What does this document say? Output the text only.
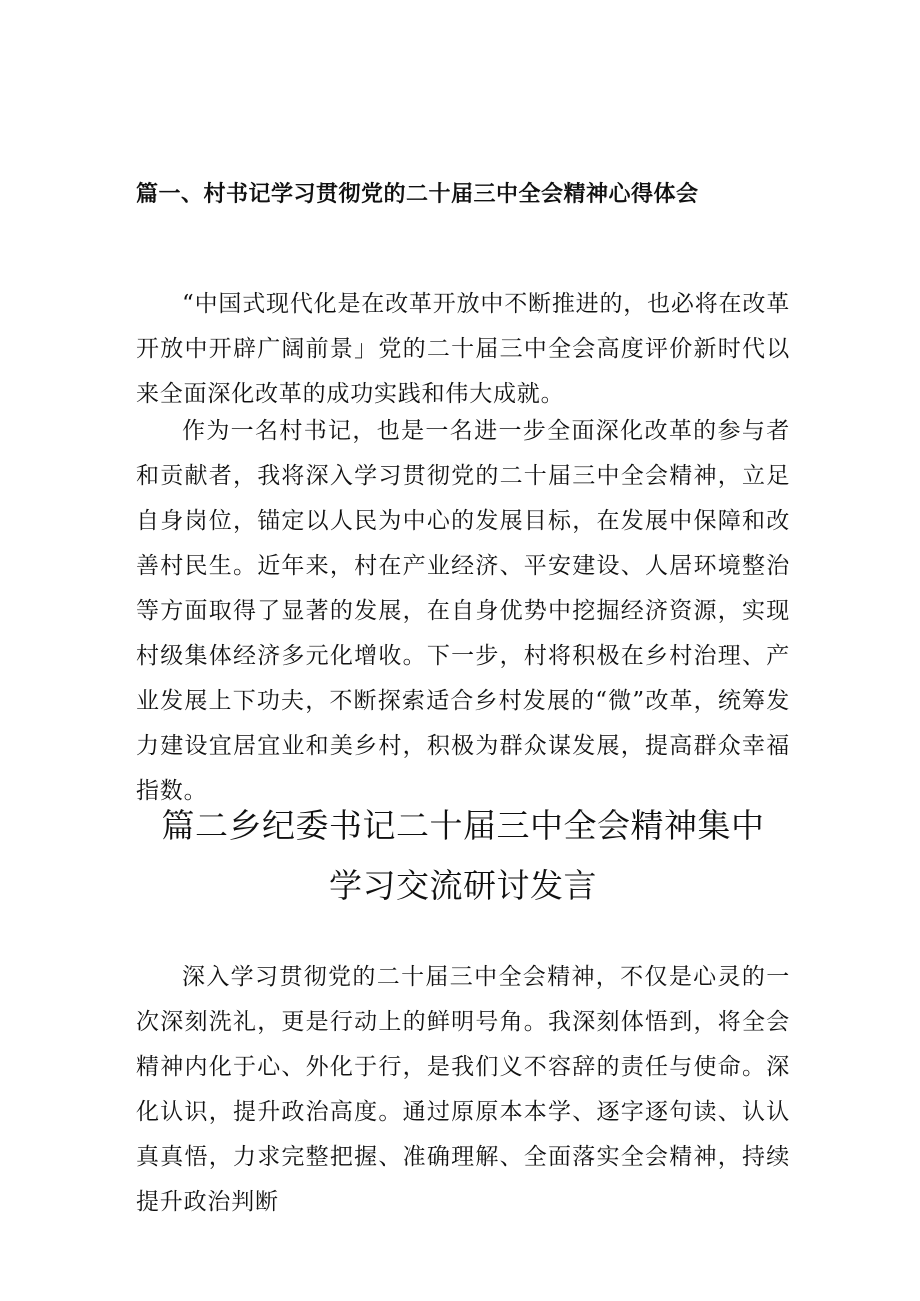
篇一、村书记学习贯彻党的二十届三中全会精神心得体会

“中国式现代化是在改革开放中不断推进的，也必将在改革开放中开辟广阔前景」党的二十届三中全会高度评价新时代以来全面深化改革的成功实践和伟大成就。

作为一名村书记，也是一名进一步全面深化改革的参与者和贡献者，我将深入学习贯彻党的二十届三中全会精神，立足自身岗位，锚定以人民为中心的发展目标，在发展中保障和改善村民生。近年来，村在产业经济、平安建设、人居环境整治等方面取得了显著的发展，在自身优势中挖掘经济资源，实现村级集体经济多元化增收。下一步，村将积极在乡村治理、产业发展上下功夫，不断探索适合乡村发展的“微”改革，统筹发力建设宜居宜业和美乡村，积极为群众谋发展，提高群众幸福指数。

篇二乡纪委书记二十届三中全会精神集中
学习交流研讨发言

深入学习贯彻党的二十届三中全会精神，不仅是心灵的一次深刻洗礼，更是行动上的鲜明号角。我深刻体悟到，将全会精神内化于心、外化于行，是我们义不容辞的责任与使命。深化认识，提升政治高度。通过原原本本学、逐字逐句读、认认真真悟，力求完整把握、准确理解、全面落实全会精神，持续提升政治判断
